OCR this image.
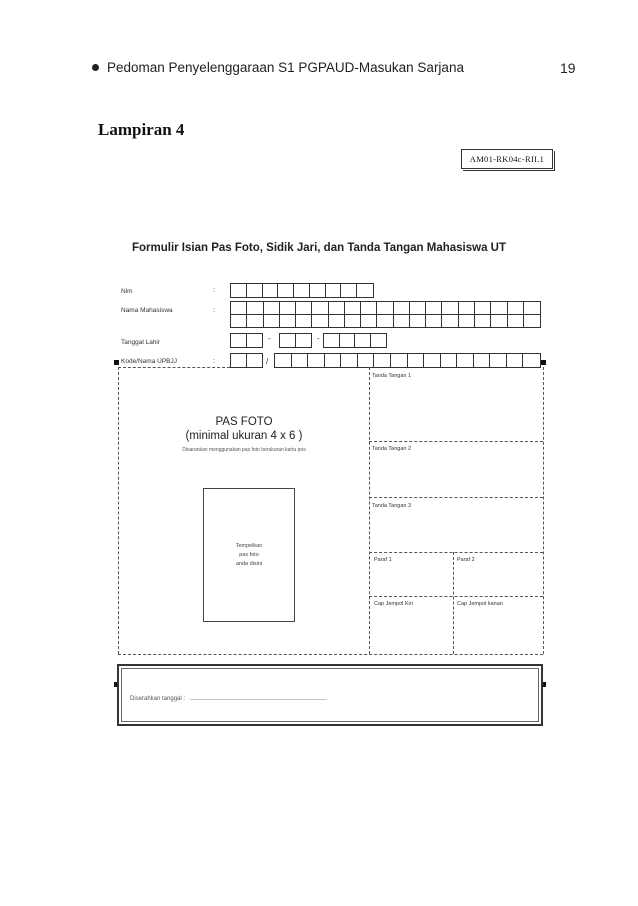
Pedoman Penyelenggaraan S1 PGPAUD-Masukan Sarjana	19
Lampiran 4
AM01-RK04c-RII.1
Formulir Isian Pas Foto, Sidik Jari, dan Tanda Tangan Mahasiswa UT
Nim	:
Nama Mahasiswa	:
Tanggal Lahir	-	-
Kode/Nama UPBJJ	:	/
PAS FOTO
(minimal ukuran 4 x 6 )
Disarankan menggunakan pas foto berukuran kartu pos
Tempelkan
pas foto
anda disini
Tanda Tangan 1
Tanda Tangan 2
Tanda Tangan 3
Paraf 1	Paraf 2
Cap Jempol Kiri	Cap Jempol kanan
Diserahkan tanggal : ________________________________________________
